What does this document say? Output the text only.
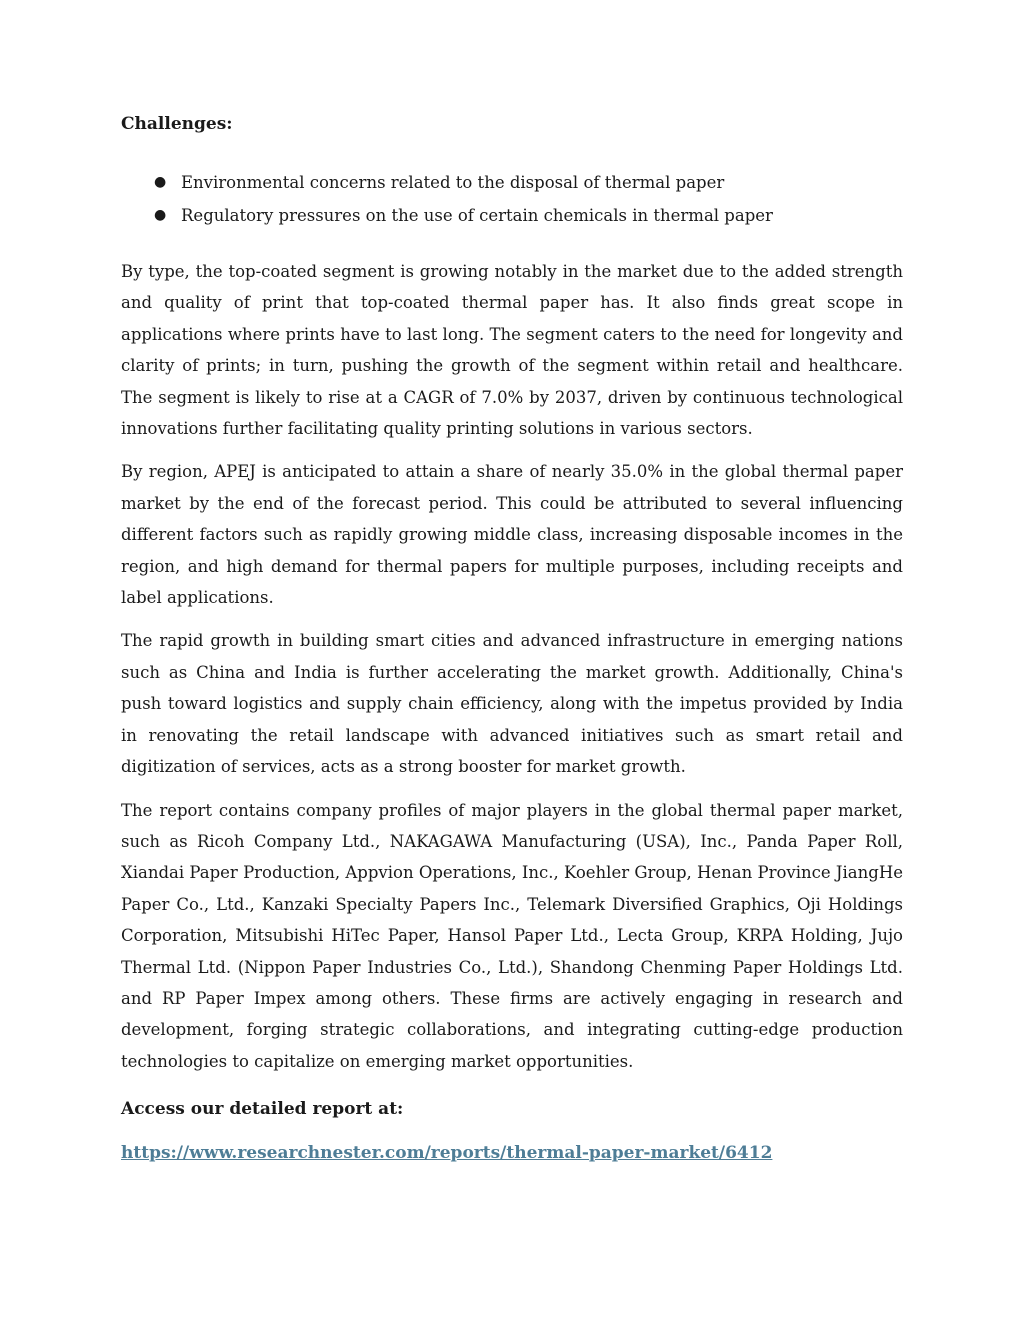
Challenges:
● Environmental concerns related to the disposal of thermal paper
● Regulatory pressures on the use of certain chemicals in thermal paper

By type, the top-coated segment is growing notably in the market due to the added strength and quality of print that top-coated thermal paper has. It also finds great scope in applications where prints have to last long. The segment caters to the need for longevity and clarity of prints; in turn, pushing the growth of the segment within retail and healthcare. The segment is likely to rise at a CAGR of 7.0% by 2037, driven by continuous technological innovations further facilitating quality printing solutions in various sectors.

By region, APEJ is anticipated to attain a share of nearly 35.0% in the global thermal paper market by the end of the forecast period. This could be attributed to several influencing different factors such as rapidly growing middle class, increasing disposable incomes in the region, and high demand for thermal papers for multiple purposes, including receipts and label applications.

The rapid growth in building smart cities and advanced infrastructure in emerging nations such as China and India is further accelerating the market growth. Additionally, China's push toward logistics and supply chain efficiency, along with the impetus provided by India in renovating the retail landscape with advanced initiatives such as smart retail and digitization of services, acts as a strong booster for market growth.

The report contains company profiles of major players in the global thermal paper market, such as Ricoh Company Ltd., NAKAGAWA Manufacturing (USA), Inc., Panda Paper Roll, Xiandai Paper Production, Appvion Operations, Inc., Koehler Group, Henan Province JiangHe Paper Co., Ltd., Kanzaki Specialty Papers Inc., Telemark Diversified Graphics, Oji Holdings Corporation, Mitsubishi HiTec Paper, Hansol Paper Ltd., Lecta Group, KRPA Holding, Jujo Thermal Ltd. (Nippon Paper Industries Co., Ltd.), Shandong Chenming Paper Holdings Ltd. and RP Paper Impex among others. These firms are actively engaging in research and development, forging strategic collaborations, and integrating cutting-edge production technologies to capitalize on emerging market opportunities.

Access our detailed report at:
https://www.researchnester.com/reports/thermal-paper-market/6412
